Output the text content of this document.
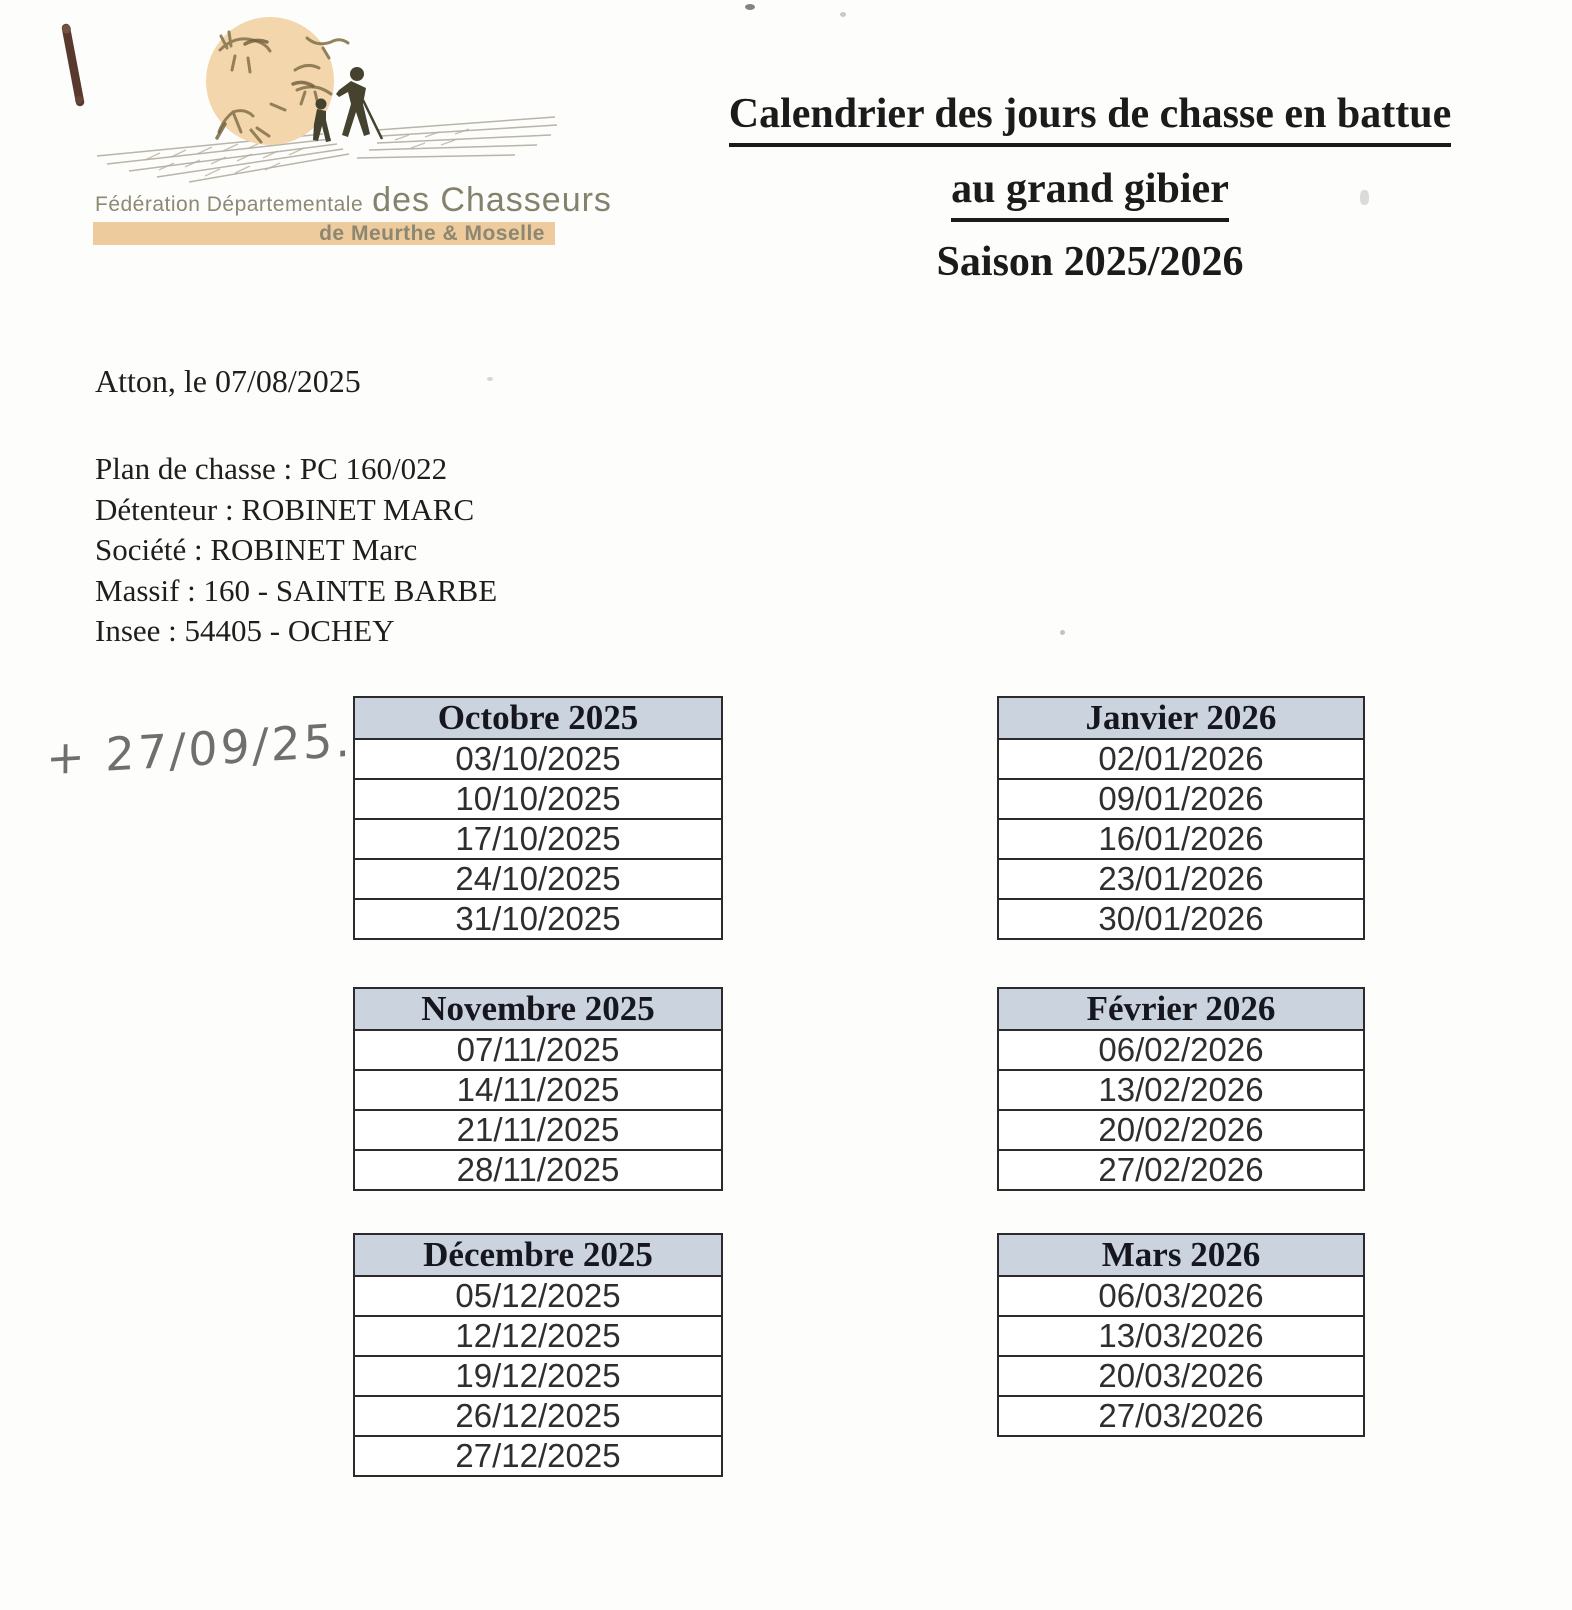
Fédération Départementale des Chasseurs
de Meurthe & Moselle
Calendrier des jours de chasse en battue
au grand gibier
Saison 2025/2026
Atton, le 07/08/2025
Plan de chasse : PC 160/022
Détenteur : ROBINET MARC
Société : ROBINET Marc
Massif : 160 - SAINTE BARBE
Insee : 54405 - OCHEY
+ 27/09/25. Octobre 2025
03/10/2025
10/10/2025
17/10/2025
24/10/2025
31/10/2025
Novembre 2025
07/11/2025
14/11/2025
21/11/2025
28/11/2025
Décembre 2025
05/12/2025
12/12/2025
19/12/2025
26/12/2025
27/12/2025
Janvier 2026
02/01/2026
09/01/2026
16/01/2026
23/01/2026
30/01/2026
Février 2026
06/02/2026
13/02/2026
20/02/2026
27/02/2026
Mars 2026
06/03/2026
13/03/2026
20/03/2026
27/03/2026
